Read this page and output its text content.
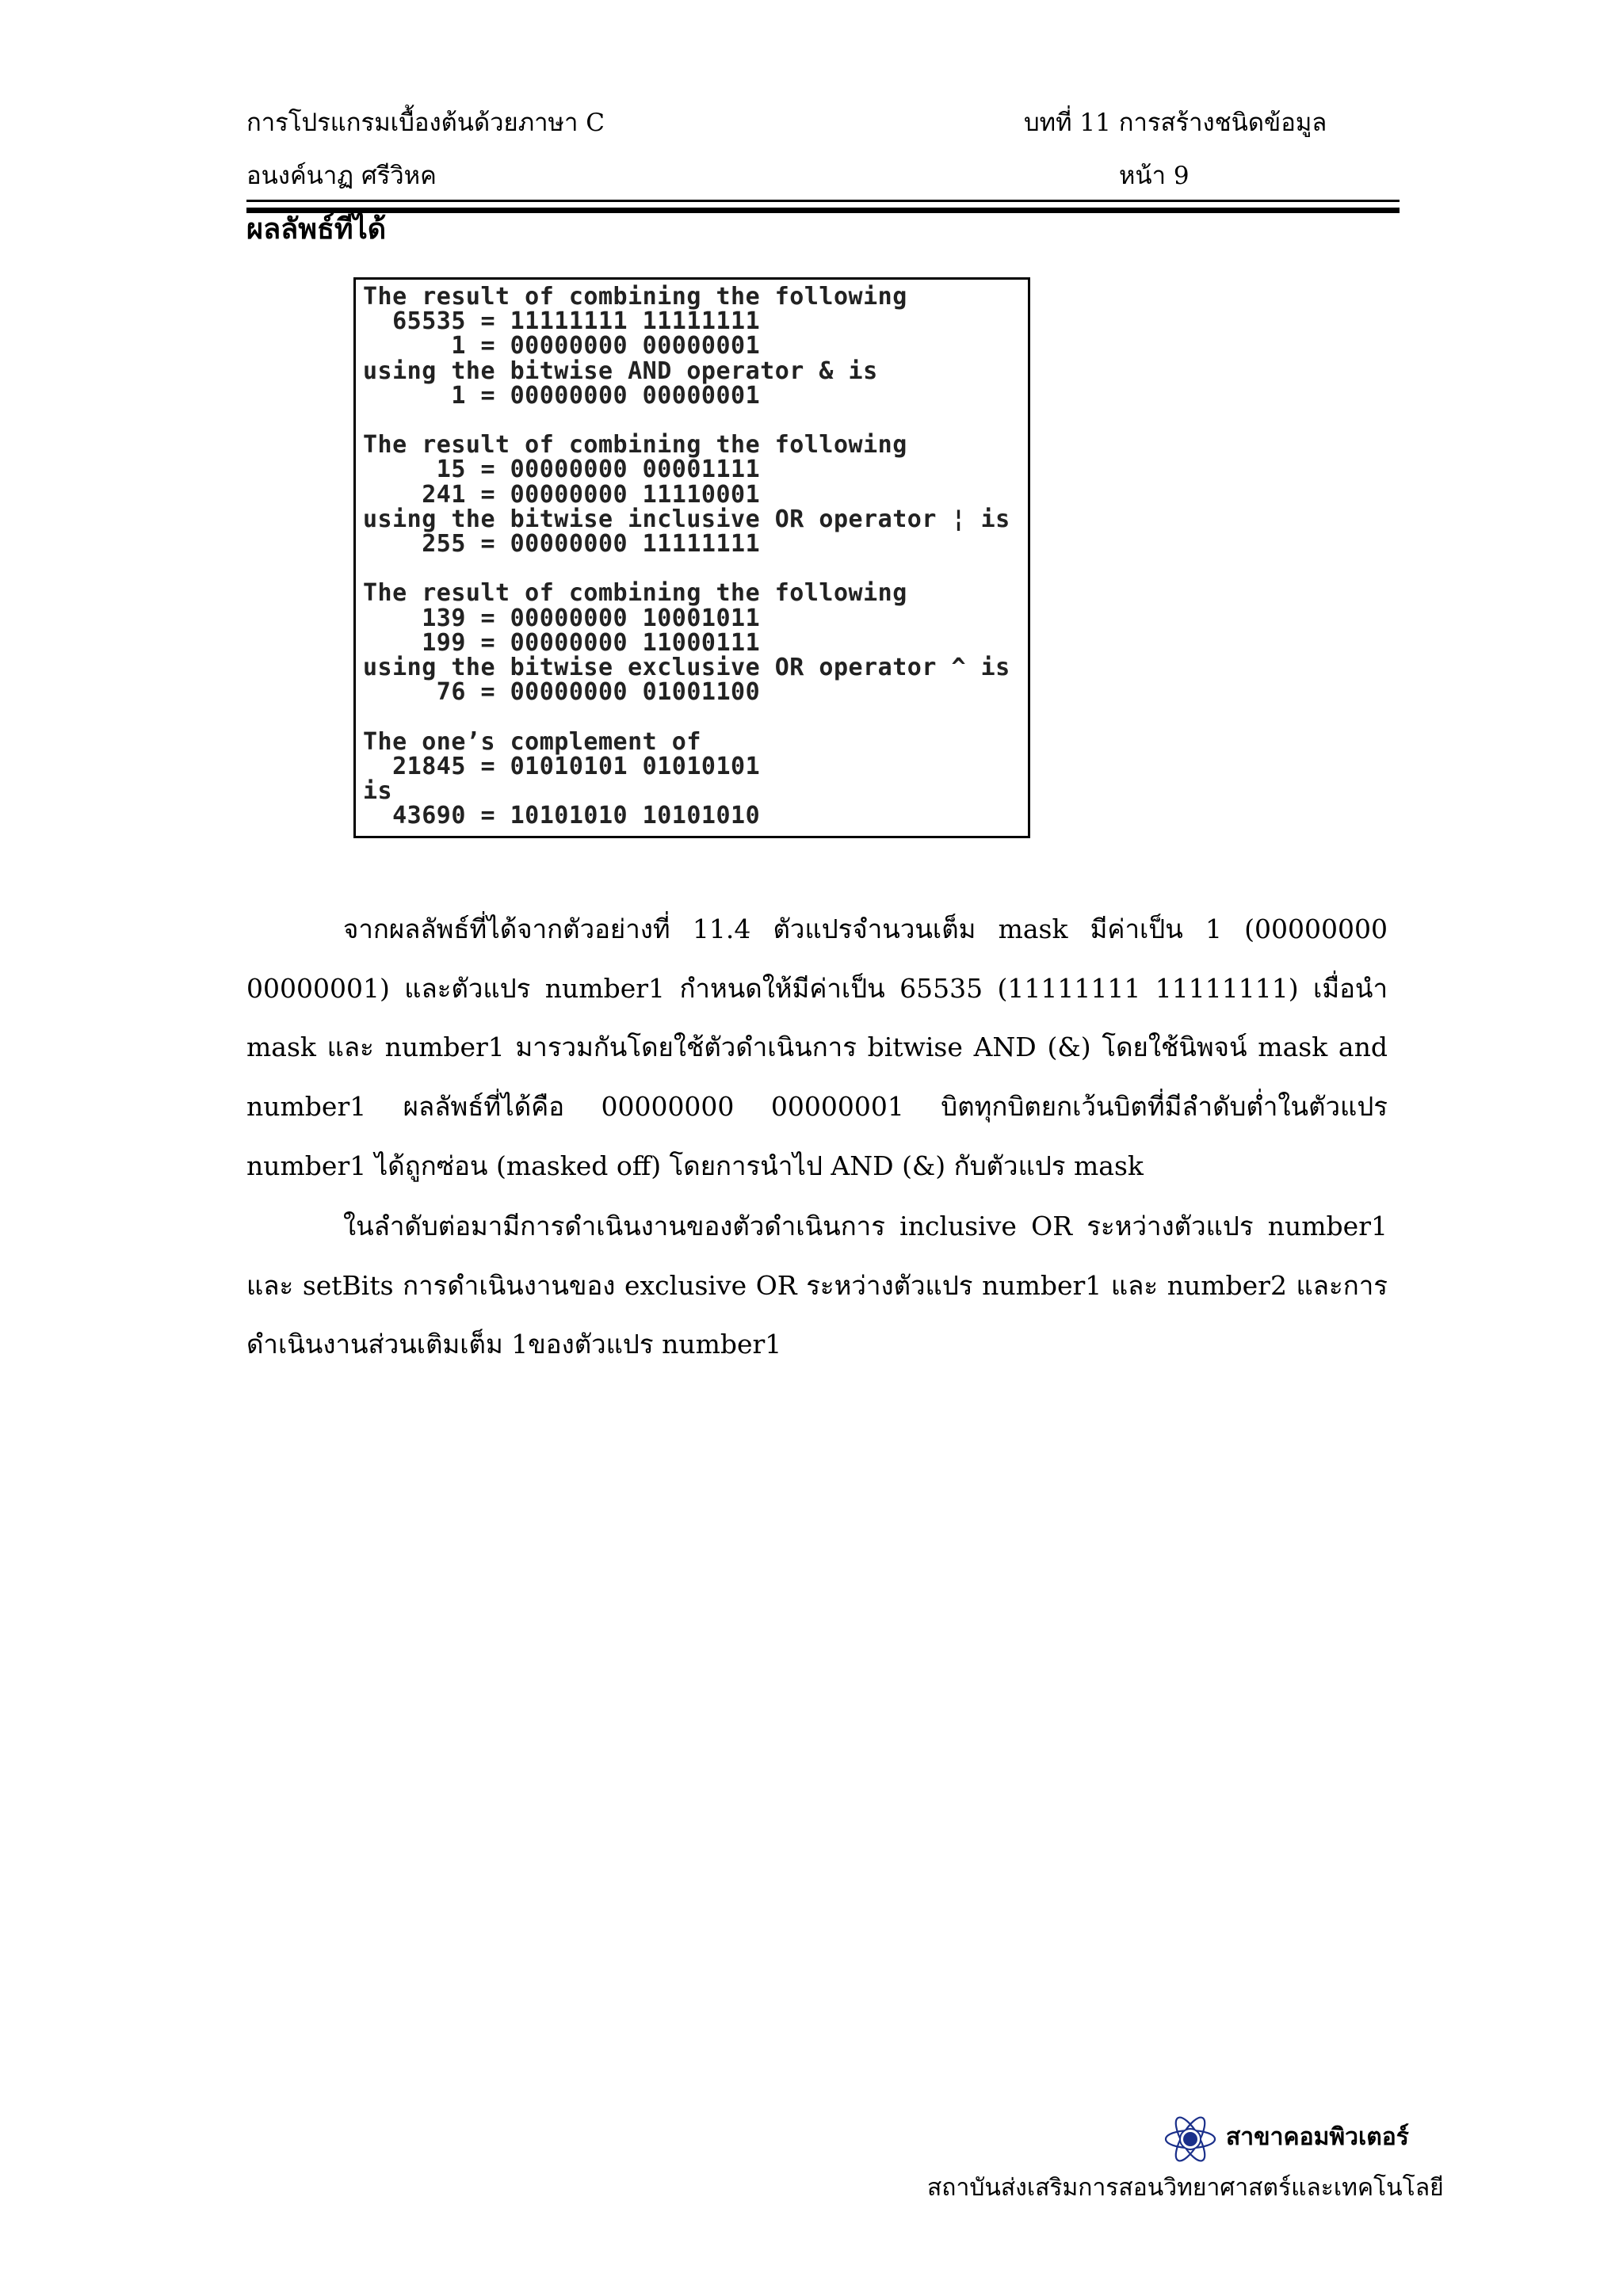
การโปรแกรมเบื้องต้นด้วยภาษา C	บทที่ 11 การสร้างชนิดข้อมูล
อนงค์นาฏ ศรีวิหค	หน้า 9
ผลลัพธ์ที่ได้
The result of combining the following
65535 = 11111111 11111111
1 = 00000000 00000001
using the bitwise AND operator & is
1 = 00000000 00000001

The result of combining the following
15 = 00000000 00001111
241 = 00000000 11110001
using the bitwise inclusive OR operator ¦ is
255 = 00000000 11111111

The result of combining the following
139 = 00000000 10001011
199 = 00000000 11000111
using the bitwise exclusive OR operator ^ is
76 = 00000000 01001100

The one’s complement of
21845 = 01010101 01010101
is
43690 = 10101010 10101010
จากผลลัพธ์ที่ได้จากตัวอย่างที่ 11.4 ตัวแปรจำนวนเต็ม mask มีค่าเป็น 1 (00000000 00000001) และตัวแปร number1 กำหนดให้มีค่าเป็น 65535 (11111111 11111111) เมื่อนำ mask และ number1 มารวมกันโดยใช้ตัวดำเนินการ bitwise AND (&) โดยใช้นิพจน์ mask and number1 ผลลัพธ์ที่ได้คือ 00000000 00000001 บิตทุกบิตยกเว้นบิตที่มีลำดับต่ำในตัวแปร number1 ได้ถูกซ่อน (masked off) โดยการนำไป AND (&) กับตัวแปร mask
ในลำดับต่อมามีการดำเนินงานของตัวดำเนินการ inclusive OR ระหว่างตัวแปร number1 และ setBits การดำเนินงานของ exclusive OR ระหว่างตัวแปร number1 และ number2 และการดำเนินงานส่วนเติมเต็ม 1ของตัวแปร number1
สาขาคอมพิวเตอร์
สถาบันส่งเสริมการสอนวิทยาศาสตร์และเทคโนโลยี
